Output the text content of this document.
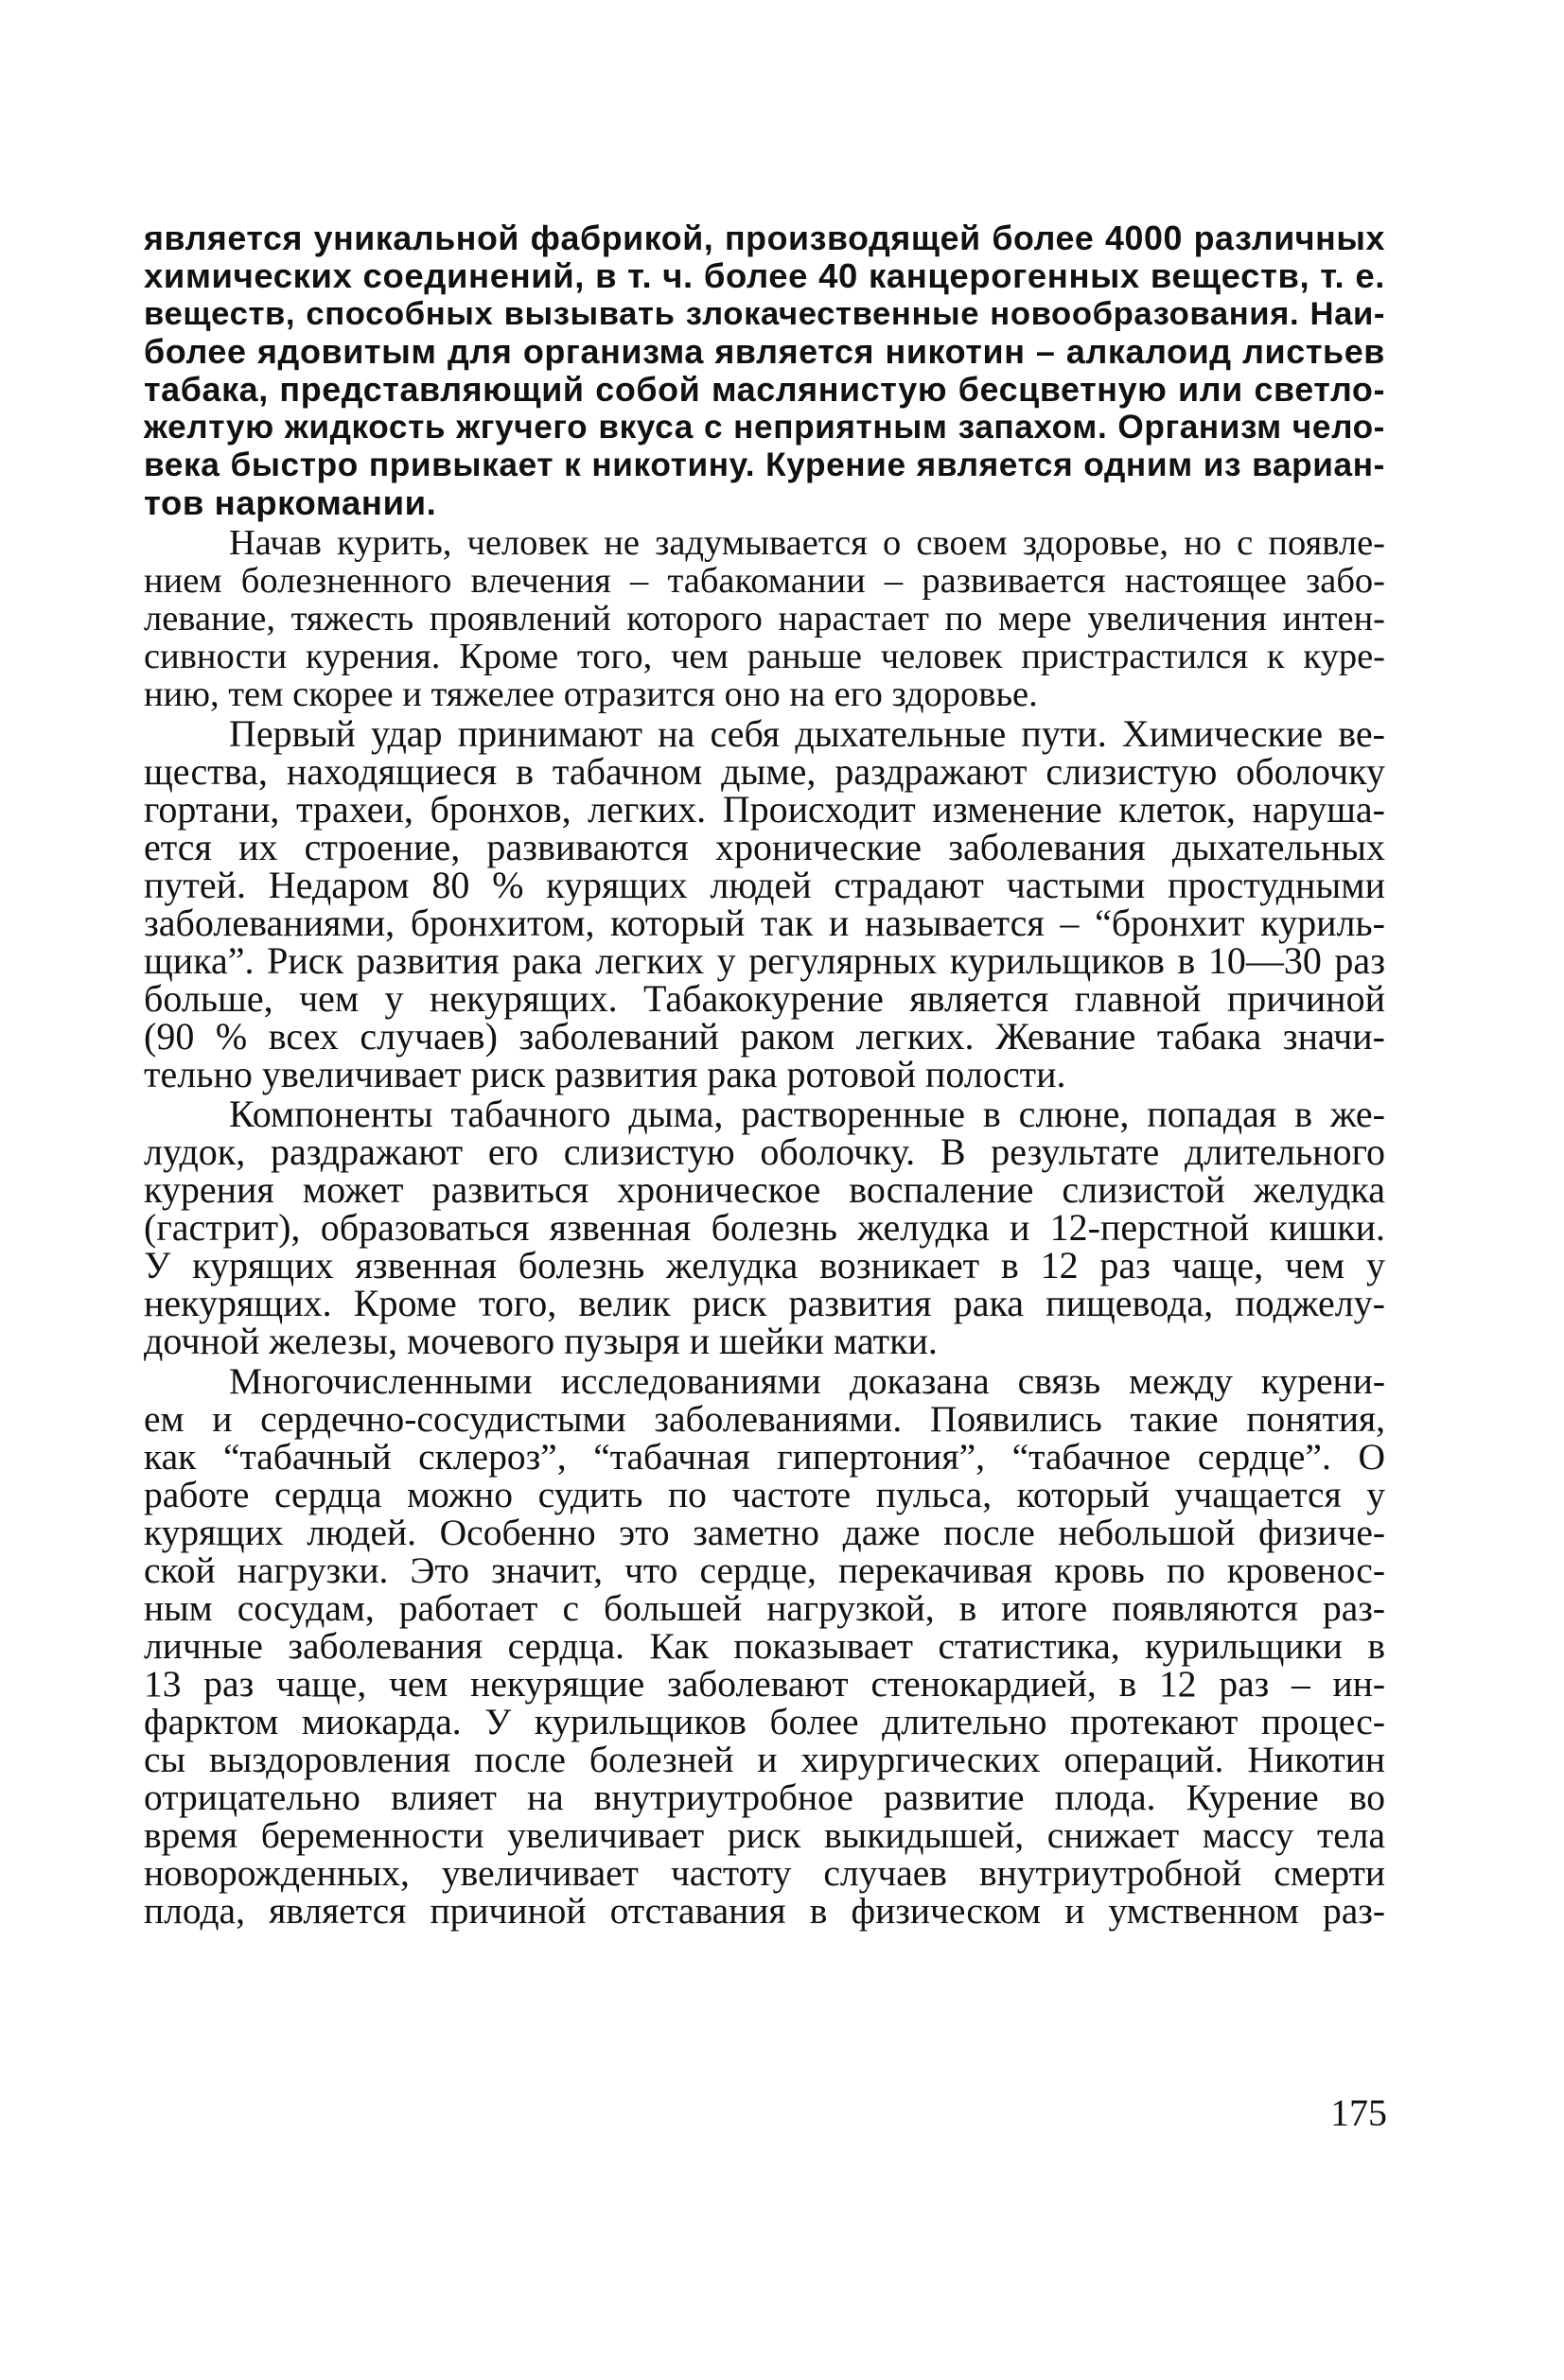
является уникальной фабрикой, производящей более 4000 различных
химических соединений, в т. ч. более 40 канцерогенных веществ, т. е.
веществ, способных вызывать злокачественные новообразования. Наи-
более ядовитым для организма является никотин – алкалоид листьев
табака, представляющий собой маслянистую бесцветную или светло-
желтую жидкость жгучего вкуса с неприятным запахом. Организм чело-
века быстро привыкает к никотину. Курение является одним из вариан-
тов наркомании.
Начав курить, человек не задумывается о своем здоровье, но с появле-
нием болезненного влечения – табакомании – развивается настоящее забо-
левание, тяжесть проявлений которого нарастает по мере увеличения интен-
сивности курения. Кроме того, чем раньше человек пристрастился к куре-
нию, тем скорее и тяжелее отразится оно на его здоровье.
Первый удар принимают на себя дыхательные пути. Химические ве-
щества, находящиеся в табачном дыме, раздражают слизистую оболочку
гортани, трахеи, бронхов, легких. Происходит изменение клеток, наруша-
ется их строение, развиваются хронические заболевания дыхательных
путей. Недаром 80 % курящих людей страдают частыми простудными
заболеваниями, бронхитом, который так и называется – “бронхит куриль-
щика”. Риск развития рака легких у регулярных курильщиков в 10—30 раз
больше, чем у некурящих. Табакокурение является главной причиной
(90 % всех случаев) заболеваний раком легких. Жевание табака значи-
тельно увеличивает риск развития рака ротовой полости.
Компоненты табачного дыма, растворенные в слюне, попадая в же-
лудок, раздражают его слизистую оболочку. В результате длительного
курения может развиться хроническое воспаление слизистой желудка
(гастрит), образоваться язвенная болезнь желудка и 12-перстной кишки.
У курящих язвенная болезнь желудка возникает в 12 раз чаще, чем у
некурящих. Кроме того, велик риск развития рака пищевода, поджелу-
дочной железы, мочевого пузыря и шейки матки.
Многочисленными исследованиями доказана связь между курени-
ем и сердечно-сосудистыми заболеваниями. Появились такие понятия,
как “табачный склероз”, “табачная гипертония”, “табачное сердце”. О
работе сердца можно судить по частоте пульса, который учащается у
курящих людей. Особенно это заметно даже после небольшой физиче-
ской нагрузки. Это значит, что сердце, перекачивая кровь по кровенос-
ным сосудам, работает с большей нагрузкой, в итоге появляются раз-
личные заболевания сердца. Как показывает статистика, курильщики в
13 раз чаще, чем некурящие заболевают стенокардией, в 12 раз – ин-
фарктом миокарда. У курильщиков более длительно протекают процес-
сы выздоровления после болезней и хирургических операций. Никотин
отрицательно влияет на внутриутробное развитие плода. Курение во
время беременности увеличивает риск выкидышей, снижает массу тела
новорожденных, увеличивает частоту случаев внутриутробной смерти
плода, является причиной отставания в физическом и умственном раз-
175
